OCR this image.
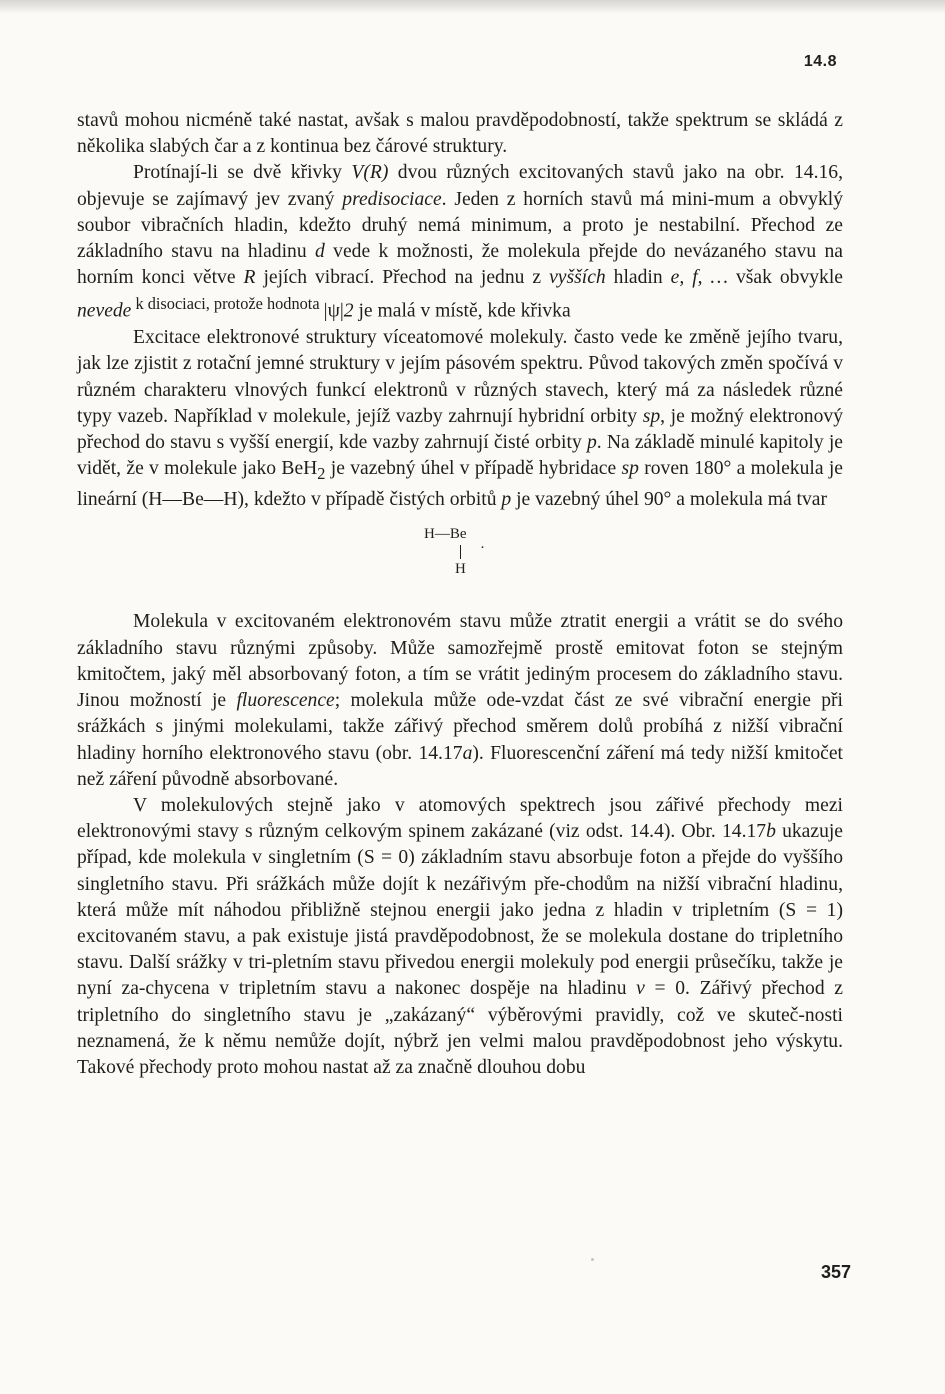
14.8

stavů mohou nicméně také nastat, avšak s malou pravděpodobností, takže spektrum se skládá z několika slabých čar a z kontinua bez čárové struktury.

Protínají-li se dvě křivky V(R) dvou různých excitovaných stavů jako na obr. 14.16, objevuje se zajímavý jev zvaný predisociace. Jeden z horních stavů má mini-mum a obvyklý soubor vibračních hladin, kdežto druhý nemá minimum, a proto je nestabilní. Přechod ze základního stavu na hladinu d vede k možnosti, že molekula přejde do nevázaného stavu na horním konci větve R jejích vibrací. Přechod na jednu z vyšších hladin e, f, … však obvykle nevede $^{k disociaci, protože hodnota}$ |ψ|2 je malá v místě, kde křivka

Excitace elektronové struktury víceatomové molekuly. často vede ke změně jejího tvaru, jak lze zjistit z rotační jemné struktury v jejím pásovém spektru. Původ takových změn spočívá v různém charakteru vlnových funkcí elektronů v různých stavech, který má za následek různé typy vazeb. Například v molekule, jejíž vazby zahrnují hybridní orbity sp, je možný elektronový přechod do stavu s vyšší energií, kde vazby zahrnují čisté orbity p. Na základě minulé kapitoly je vidět, že v molekule jako BeH$_2$ je vazebný úhel v případě hybridace sp roven 180° a molekula je lineární (H—Be—H), kdežto v případě čistých orbitů p je vazebný úhel 90° a molekula má tvar

H—Be
·
H

Molekula v excitovaném elektronovém stavu může ztratit energii a vrátit se do svého základního stavu různými způsoby. Může samozřejmě prostě emitovat foton se stejným kmitočtem, jaký měl absorbovaný foton, a tím se vrátit jediným procesem do základního stavu. Jinou možností je fluorescence; molekula může ode-vzdat část ze své vibrační energie při srážkách s jinými molekulami, takže zářivý přechod směrem dolů probíhá z nižší vibrační hladiny horního elektronového stavu (obr. 14.17a). Fluorescenční záření má tedy nižší kmitočet než záření původně absorbované.

V molekulových stejně jako v atomových spektrech jsou zářivé přechody mezi elektronovými stavy s různým celkovým spinem zakázané (viz odst. 14.4). Obr. 14.17b ukazuje případ, kde molekula v singletním (S = 0) základním stavu absorbuje foton a přejde do vyššího singletního stavu. Při srážkách může dojít k nezářivým pře-chodům na nižší vibrační hladinu, která může mít náhodou přibližně stejnou energii jako jedna z hladin v tripletním (S = 1) excitovaném stavu, a pak existuje jistá pravděpodobnost, že se molekula dostane do tripletního stavu. Další srážky v tri-pletním stavu přivedou energii molekuly pod energii průsečíku, takže je nyní za-chycena v tripletním stavu a nakonec dospěje na hladinu v = 0. Zářivý přechod z tripletního do singletního stavu je „zakázaný“ výběrovými pravidly, což ve skuteč-nosti neznamená, že k němu nemůže dojít, nýbrž jen velmi malou pravděpodobnost jeho výskytu. Takové přechody proto mohou nastat až za značně dlouhou dobu

357
